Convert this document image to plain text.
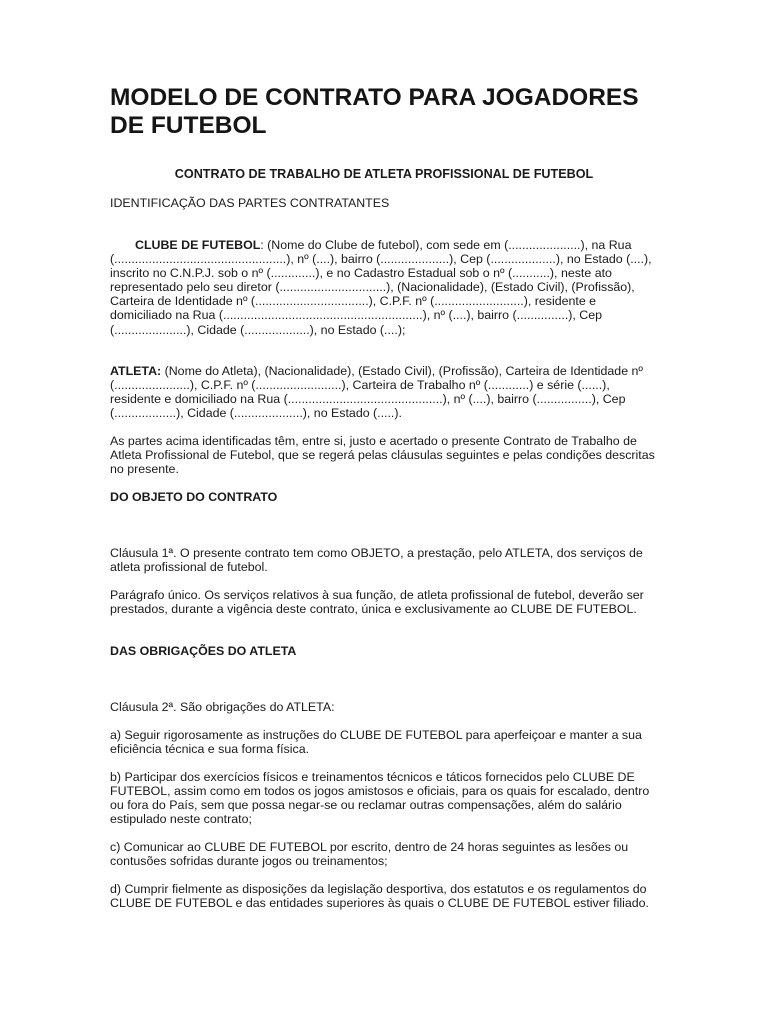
MODELO DE CONTRATO PARA JOGADORES DE FUTEBOL
CONTRATO DE TRABALHO DE ATLETA PROFISSIONAL DE FUTEBOL

IDENTIFICAÇÃO DAS PARTES CONTRATANTES

CLUBE DE FUTEBOL: (Nome do Clube de futebol), com sede em (.....................), na Rua (..................................................), nº (....), bairro (....................), Cep (...................), no Estado (....), inscrito no C.N.P.J. sob o nº (.............), e no Cadastro Estadual sob o nº (...........), neste ato representado pelo seu diretor (...............................), (Nacionalidade), (Estado Civil), (Profissão), Carteira de Identidade nº (.................................), C.P.F. nº (..........................), residente e domiciliado na Rua (..........................................................), nº (....), bairro (...............), Cep (.....................), Cidade (...................), no Estado (....);

ATLETA: (Nome do Atleta), (Nacionalidade), (Estado Civil), (Profissão), Carteira de Identidade nº (......................), C.P.F. nº (.........................), Carteira de Trabalho nº (............) e série (......), residente e domiciliado na Rua (.............................................), nº (....), bairro (................), Cep (..................), Cidade (....................), no Estado (.....).

As partes acima identificadas têm, entre si, justo e acertado o presente Contrato de Trabalho de Atleta Profissional de Futebol, que se regerá pelas cláusulas seguintes e pelas condições descritas no presente.

DO OBJETO DO CONTRATO

Cláusula 1ª. O presente contrato tem como OBJETO, a prestação, pelo ATLETA, dos serviços de atleta profissional de futebol.

Parágrafo único. Os serviços relativos à sua função, de atleta profissional de futebol, deverão ser prestados, durante a vigência deste contrato, única e exclusivamente ao CLUBE DE FUTEBOL.

DAS OBRIGAÇÕES DO ATLETA

Cláusula 2ª. São obrigações do ATLETA:

a) Seguir rigorosamente as instruções do CLUBE DE FUTEBOL para aperfeiçoar e manter a sua eficiência técnica e sua forma física.

b) Participar dos exercícios físicos e treinamentos técnicos e táticos fornecidos pelo CLUBE DE FUTEBOL, assim como em todos os jogos amistosos e oficiais, para os quais for escalado, dentro ou fora do País, sem que possa negar-se ou reclamar outras compensações, além do salário estipulado neste contrato;

c) Comunicar ao CLUBE DE FUTEBOL por escrito, dentro de 24 horas seguintes as lesões ou contusões sofridas durante jogos ou treinamentos;

d) Cumprir fielmente as disposições da legislação desportiva, dos estatutos e os regulamentos do CLUBE DE FUTEBOL e das entidades superiores às quais o CLUBE DE FUTEBOL estiver filiado.
